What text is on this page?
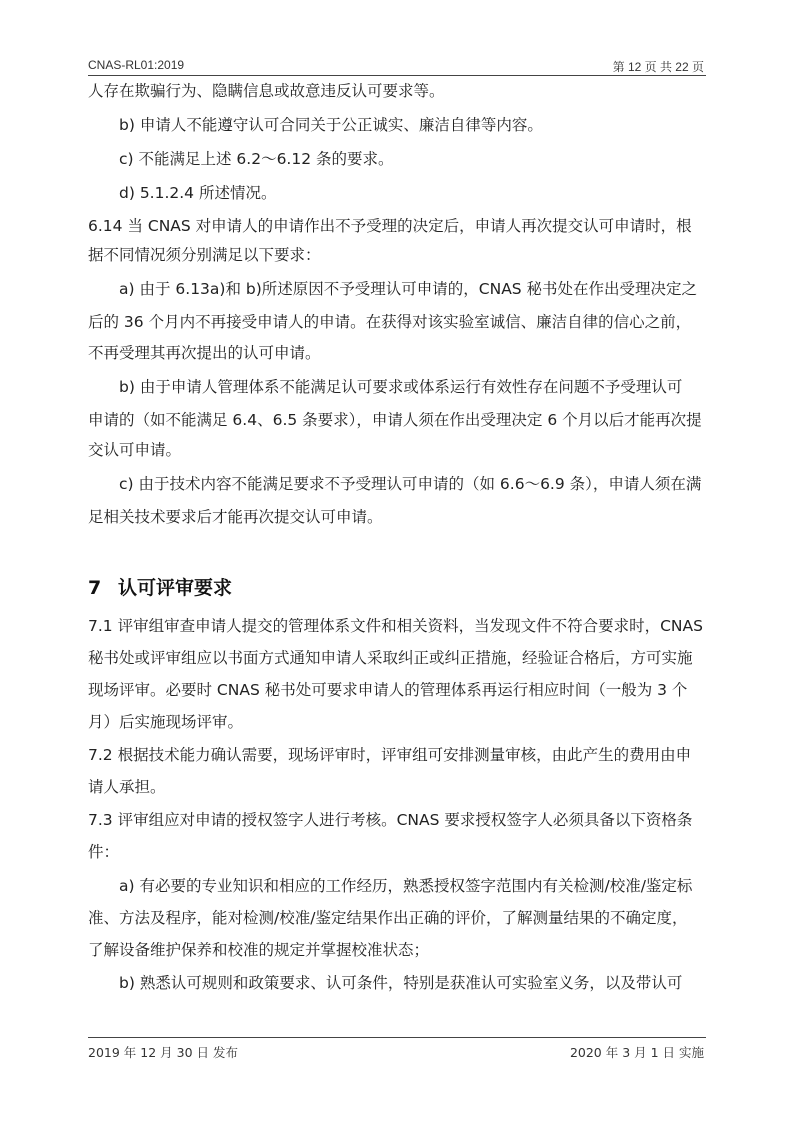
CNAS-RL01:2019	第 12 页 共 22 页
人存在欺骗行为、隐瞒信息或故意违反认可要求等。
b) 申请人不能遵守认可合同关于公正诚实、廉洁自律等内容。
c) 不能满足上述 6.2～6.12 条的要求。
d) 5.1.2.4 所述情况。
6.14 当 CNAS 对申请人的申请作出不予受理的决定后，申请人再次提交认可申请时，根
据不同情况须分别满足以下要求：
a) 由于 6.13a)和 b)所述原因不予受理认可申请的，CNAS 秘书处在作出受理决定之
后的 36 个月内不再接受申请人的申请。在获得对该实验室诚信、廉洁自律的信心之前，
不再受理其再次提出的认可申请。
b) 由于申请人管理体系不能满足认可要求或体系运行有效性存在问题不予受理认可
申请的（如不能满足 6.4、6.5 条要求），申请人须在作出受理决定 6 个月以后才能再次提
交认可申请。
c) 由于技术内容不能满足要求不予受理认可申请的（如 6.6～6.9 条），申请人须在满
足相关技术要求后才能再次提交认可申请。
7 认可评审要求
7.1 评审组审查申请人提交的管理体系文件和相关资料，当发现文件不符合要求时，CNAS
秘书处或评审组应以书面方式通知申请人采取纠正或纠正措施，经验证合格后，方可实施
现场评审。必要时 CNAS 秘书处可要求申请人的管理体系再运行相应时间（一般为 3 个
月）后实施现场评审。
7.2 根据技术能力确认需要，现场评审时，评审组可安排测量审核，由此产生的费用由申
请人承担。
7.3 评审组应对申请的授权签字人进行考核。CNAS 要求授权签字人必须具备以下资格条
件：
a) 有必要的专业知识和相应的工作经历，熟悉授权签字范围内有关检测/校准/鉴定标
准、方法及程序，能对检测/校准/鉴定结果作出正确的评价，了解测量结果的不确定度，
了解设备维护保养和校准的规定并掌握校准状态；
b) 熟悉认可规则和政策要求、认可条件，特别是获准认可实验室义务，以及带认可
2019 年 12 月 30 日 发布	2020 年 3 月 1 日 实施
